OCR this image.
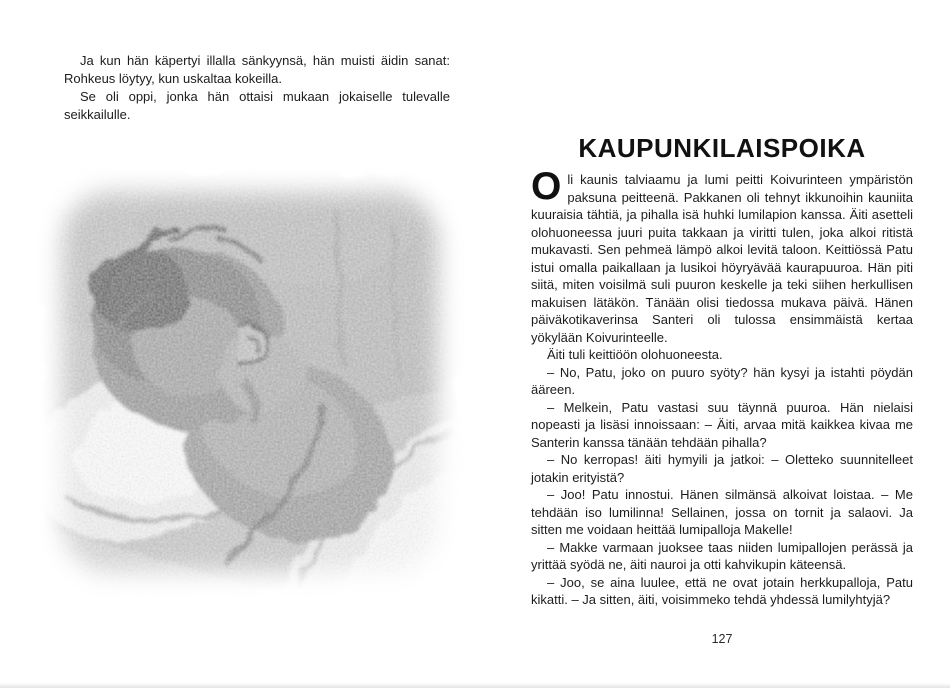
Ja kun hän käpertyi illalla sänkyynsä, hän muisti äidin sanat: Rohkeus löytyy, kun uskaltaa kokeilla.

Se oli oppi, jonka hän ottaisi mukaan jokaiselle tulevalle seikkailulle.

KAUPUNKILAISPOIKA

Oli kaunis talviaamu ja lumi peitti Koivurinteen ympäristön paksuna peitteenä. Pakkanen oli tehnyt ikkunoihin kauniita kuuraisia tähtiä, ja pihalla isä huhki lumilapion kanssa. Äiti asetteli olohuoneessa juuri puita takkaan ja viritti tulen, joka alkoi ritistä mukavasti. Sen pehmeä lämpö alkoi levitä taloon. Keittiössä Patu istui omalla paikallaan ja lusikoi höyryävää kaurapuuroa. Hän piti siitä, miten voisilmä suli puuron keskelle ja teki siihen herkullisen makuisen lätäkön. Tänään olisi tiedossa mukava päivä. Hänen päiväkotikaverinsa Santeri oli tulossa ensimmäistä kertaa yökylään Koivurinteelle.

Äiti tuli keittiöön olohuoneesta.

– No, Patu, joko on puuro syöty? hän kysyi ja istahti pöydän ääreen.

– Melkein, Patu vastasi suu täynnä puuroa. Hän nielaisi nopeasti ja lisäsi innoissaan: – Äiti, arvaa mitä kaikkea kivaa me Santerin kanssa tänään tehdään pihalla?

– No kerropas! äiti hymyili ja jatkoi: – Oletteko suunnitelleet jotakin erityistä?

– Joo! Patu innostui. Hänen silmänsä alkoivat loistaa. – Me tehdään iso lumilinna! Sellainen, jossa on tornit ja salaovi. Ja sitten me voidaan heittää lumipalloja Makelle!

– Makke varmaan juoksee taas niiden lumipallojen perässä ja yrittää syödä ne, äiti nauroi ja otti kahvikupin käteensä.

– Joo, se aina luulee, että ne ovat jotain herkkupalloja, Patu kikatti. – Ja sitten, äiti, voisimmeko tehdä yhdessä lumilyhtyjä?

127
